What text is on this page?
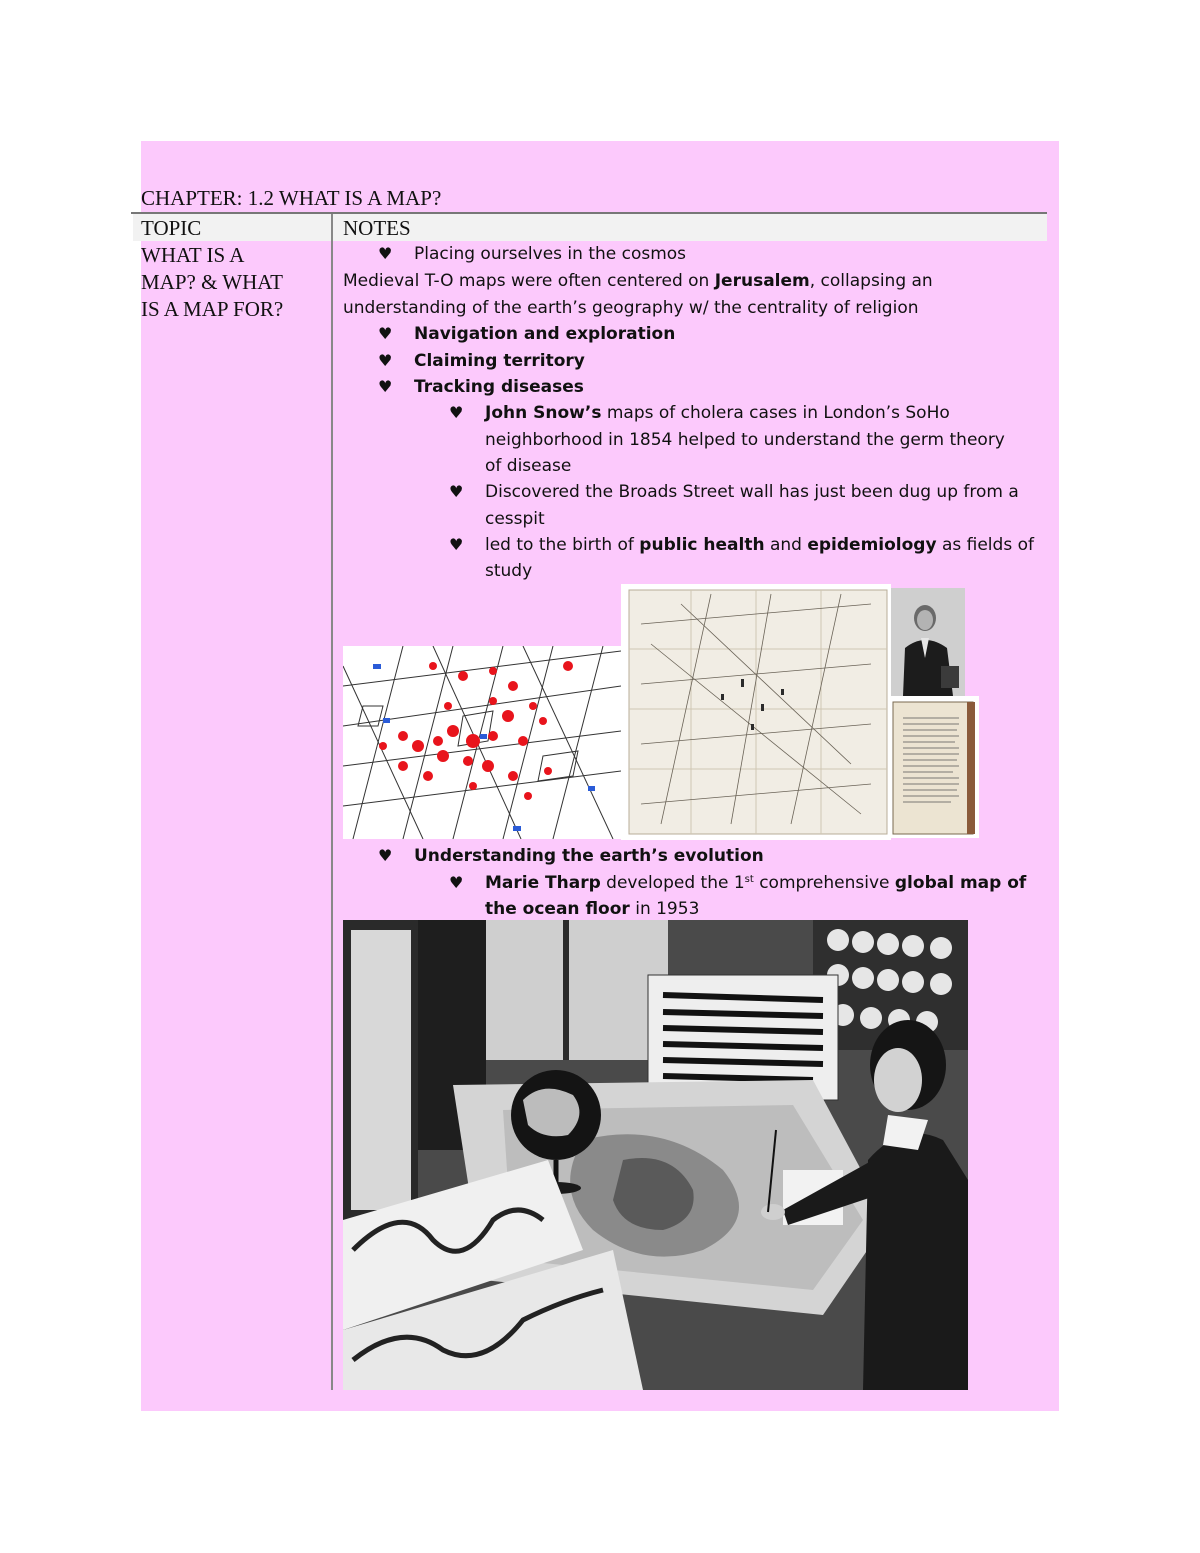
CHAPTER: 1.2 WHAT IS A MAP?
TOPIC	NOTES
WHAT IS A
MAP? & WHAT
IS A MAP FOR?
♥ Placing ourselves in the cosmos
Medieval T-O maps were often centered on Jerusalem, collapsing an
understanding of the earth’s geography w/ the centrality of religion
♥ Navigation and exploration
♥ Claiming territory
♥ Tracking diseases
♥ John Snow’s maps of cholera cases in London’s SoHo
neighborhood in 1854 helped to understand the germ theory
of disease
♥ Discovered the Broads Street wall has just been dug up from a
cesspit
♥ led to the birth of public health and epidemiology as fields of
study
♥ Understanding the earth’s evolution
♥ Marie Tharp developed the 1st comprehensive global map of
the ocean floor in 1953
